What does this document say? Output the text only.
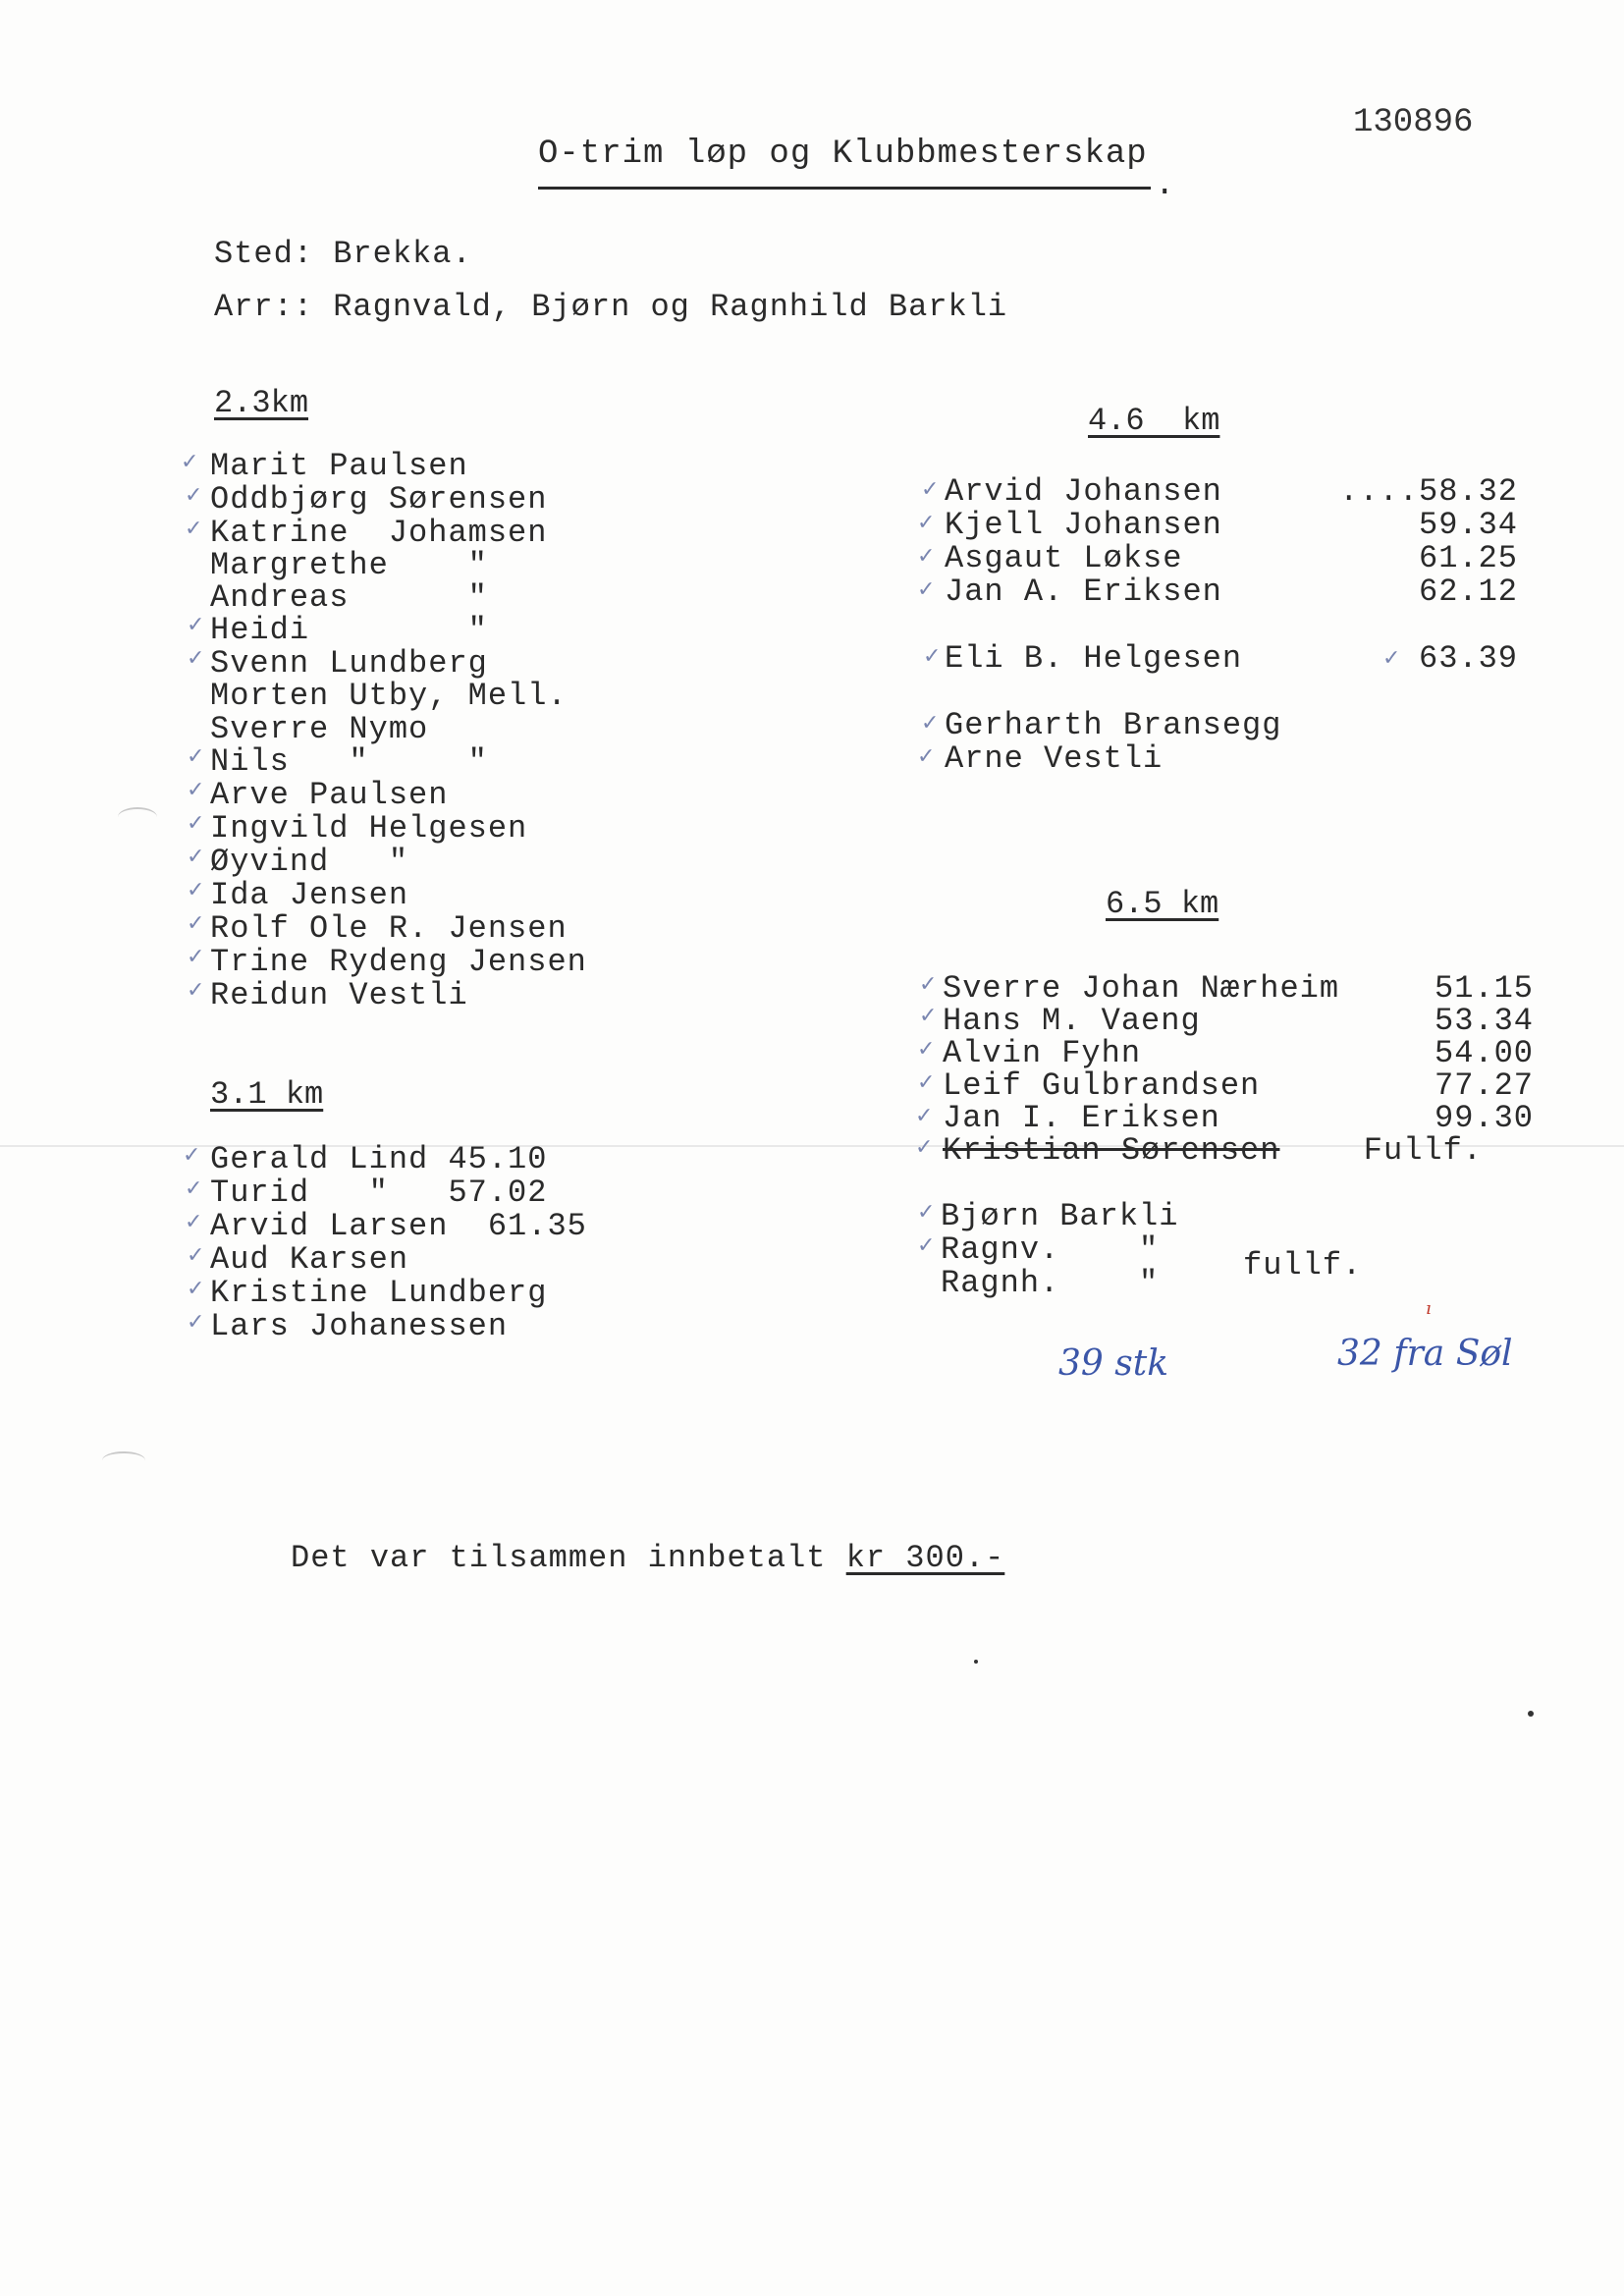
130896
O-trim løp og Klubbmesterskap
.
Sted: Brekka.
Arr:: Ragnvald, Bjørn og Ragnhild Barkli
2.3km
✓ Marit Paulsen
✓ Oddbjørg Sørensen
✓ Katrine  Johamsen
Margrethe    "
Andreas      "
✓ Heidi        "
✓ Svenn Lundberg
Morten Utby, Mell.
Sverre Nymo
✓ Nils   "     "
✓ Arve Paulsen
✓ Ingvild Helgesen
✓ Øyvind   "
✓ Ida Jensen
✓ Rolf Ole R. Jensen
✓ Trine Rydeng Jensen
✓ Reidun Vestli
3.1 km
✓ Gerald Lind 45.10
✓ Turid   "   57.02
✓ Arvid Larsen  61.35
✓ Aud Karsen
✓ Kristine Lundberg
✓ Lars Johanessen
4.6  km
✓ Arvid Johansen	....58.32
✓ Kjell Johansen	59.34
✓ Asgaut Løkse	61.25
✓ Jan A. Eriksen	62.12
✓ Eli B. Helgesen	✓ 63.39
✓ Gerharth Bransegg
✓ Arne Vestli
6.5 km
✓ Sverre Johan Nærheim	51.15
✓ Hans M. Vaeng	53.34
✓ Alvin Fyhn	54.00
✓ Leif Gulbrandsen	77.27
✓ Jan I. Eriksen	99.30
✓ Kristian Sørensen	Fullf.
✓ Bjørn Barkli
✓ Ragnv.    "
Ragnh.    "	fullf.
39 stk	32 fra Søl
ı
Det var tilsammen innbetalt kr 300.-
